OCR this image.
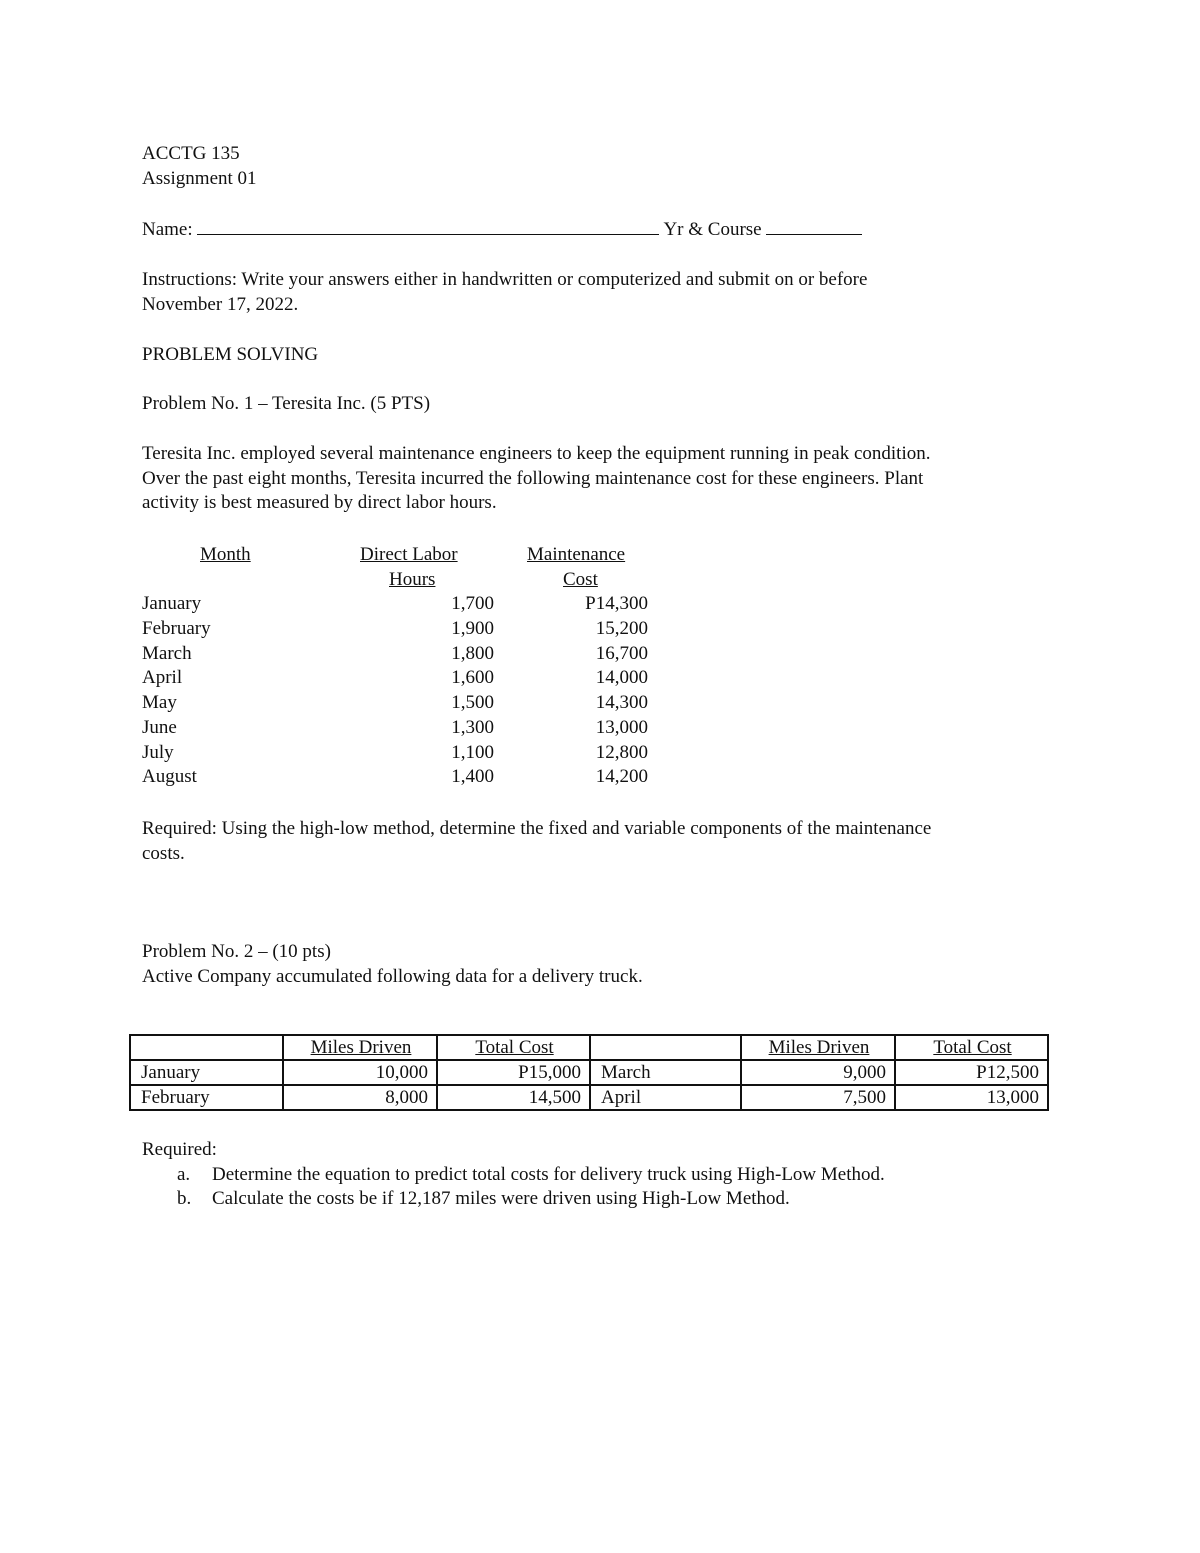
ACCTG 135
Assignment 01
Name:	Yr & Course
Instructions: Write your answers either in handwritten or computerized and submit on or before
November 17, 2022.
PROBLEM SOLVING
Problem No. 1 – Teresita Inc. (5 PTS)
Teresita Inc. employed several maintenance engineers to keep the equipment running in peak condition.
Over the past eight months, Teresita incurred the following maintenance cost for these engineers. Plant
activity is best measured by direct labor hours.
Month	Direct Labor	Maintenance
Hours	Cost
January	1,700	P14,300
February	1,900	15,200
March	1,800	16,700
April	1,600	14,000
May	1,500	14,300
June	1,300	13,000
July	1,100	12,800
August	1,400	14,200
Required: Using the high-low method, determine the fixed and variable components of the maintenance
costs.
Problem No. 2 – (10 pts)
Active Company accumulated following data for a delivery truck.
	Miles Driven	Total Cost		Miles Driven	Total Cost
January	10,000	P15,000	March	9,000	P12,500
February	8,000	14,500	April	7,500	13,000
Required:
a. Determine the equation to predict total costs for delivery truck using High-Low Method.
b. Calculate the costs be if 12,187 miles were driven using High-Low Method.
